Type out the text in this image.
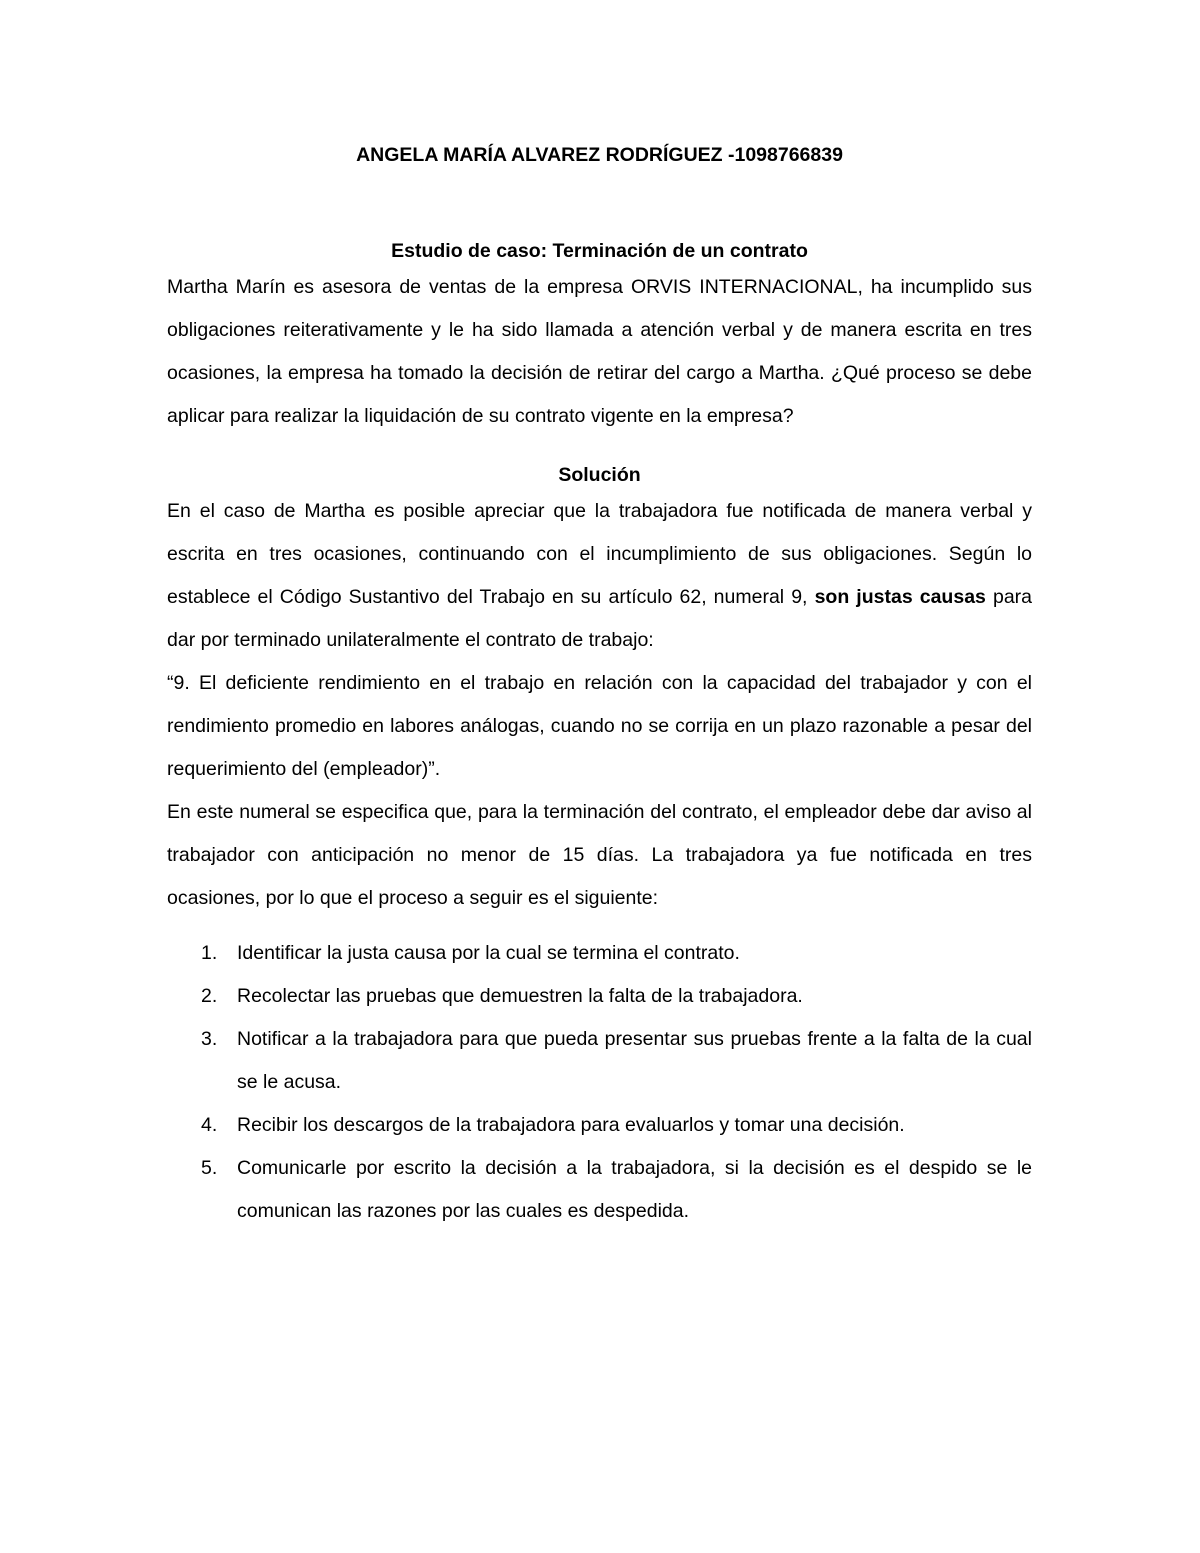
ANGELA MARÍA ALVAREZ RODRÍGUEZ -1098766839

Estudio de caso: Terminación de un contrato

Martha Marín es asesora de ventas de la empresa ORVIS INTERNACIONAL, ha incumplido sus obligaciones reiterativamente y le ha sido llamada a atención verbal y de manera escrita en tres ocasiones, la empresa ha tomado la decisión de retirar del cargo a Martha. ¿Qué proceso se debe aplicar para realizar la liquidación de su contrato vigente en la empresa?

Solución

En el caso de Martha es posible apreciar que la trabajadora fue notificada de manera verbal y escrita en tres ocasiones, continuando con el incumplimiento de sus obligaciones. Según lo establece el Código Sustantivo del Trabajo en su artículo 62, numeral 9, son justas causas para dar por terminado unilateralmente el contrato de trabajo:

“9. El deficiente rendimiento en el trabajo en relación con la capacidad del trabajador y con el rendimiento promedio en labores análogas, cuando no se corrija en un plazo razonable a pesar del requerimiento del (empleador)”.

En este numeral se especifica que, para la terminación del contrato, el empleador debe dar aviso al trabajador con anticipación no menor de 15 días. La trabajadora ya fue notificada en tres ocasiones, por lo que el proceso a seguir es el siguiente:

1. Identificar la justa causa por la cual se termina el contrato.
2. Recolectar las pruebas que demuestren la falta de la trabajadora.
3. Notificar a la trabajadora para que pueda presentar sus pruebas frente a la falta de la cual se le acusa.
4. Recibir los descargos de la trabajadora para evaluarlos y tomar una decisión.
5. Comunicarle por escrito la decisión a la trabajadora, si la decisión es el despido se le comunican las razones por las cuales es despedida.
